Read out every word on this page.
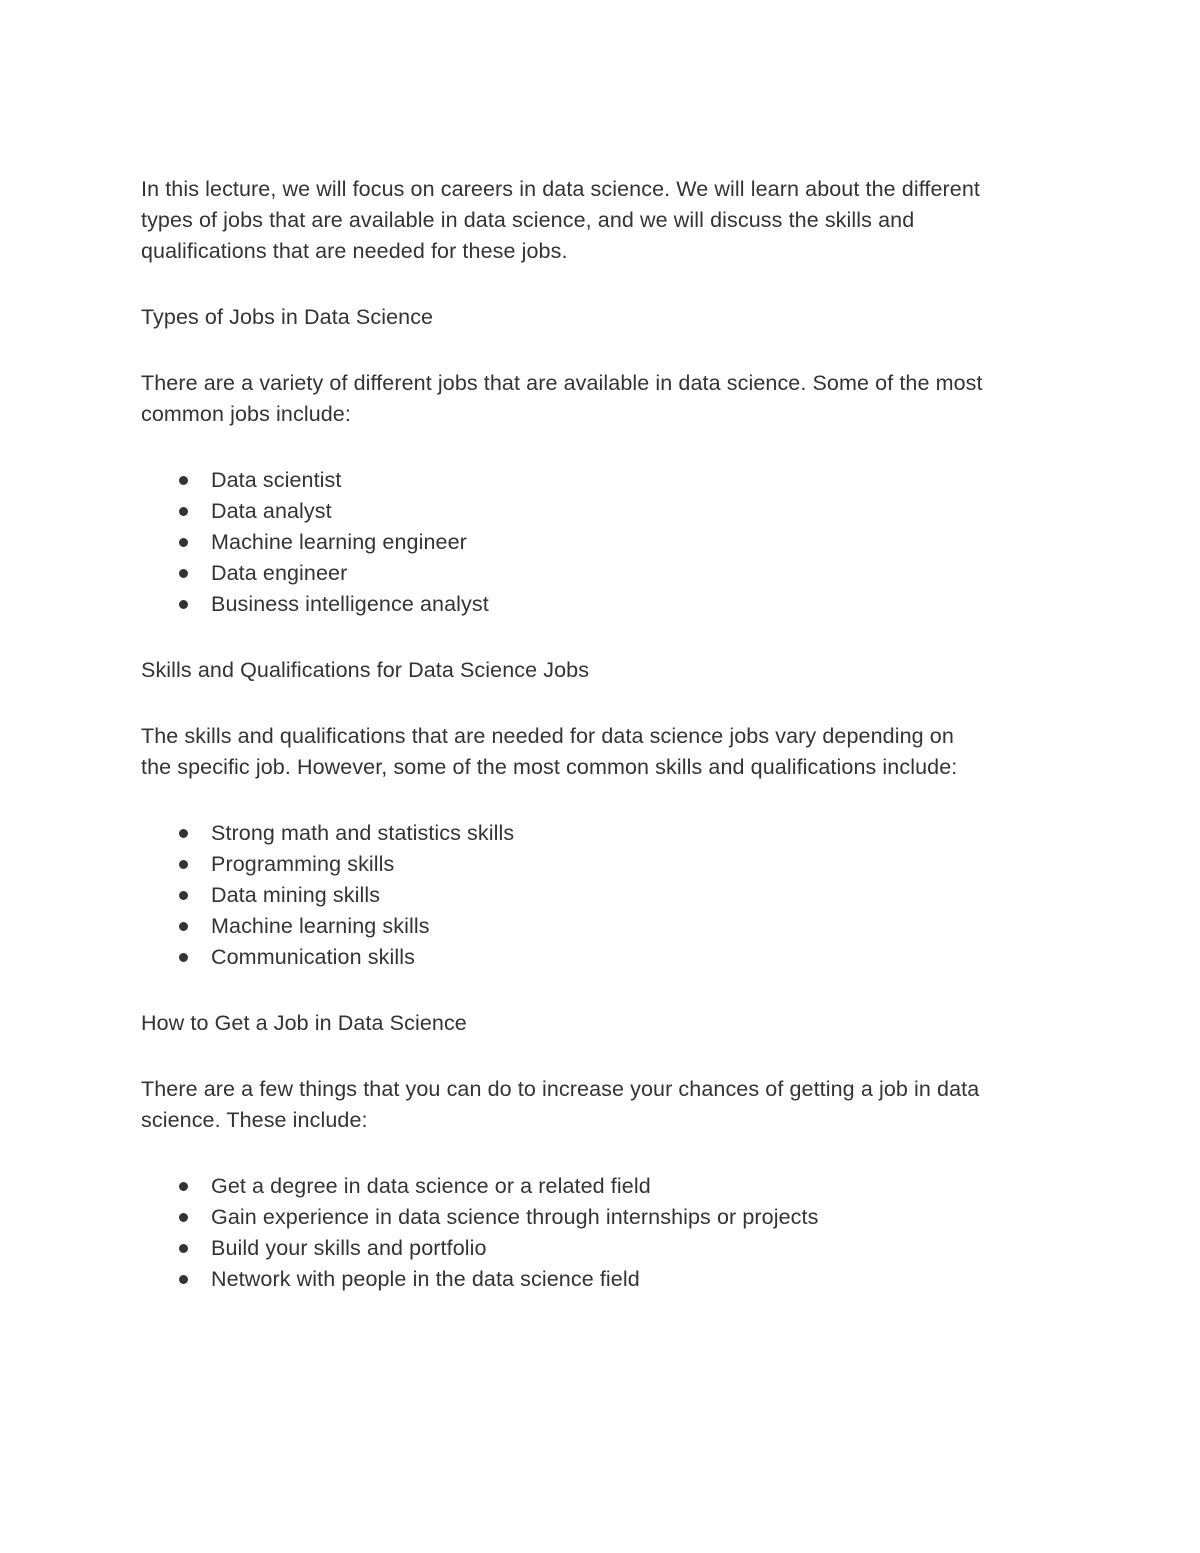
In this lecture, we will focus on careers in data science. We will learn about the different
types of jobs that are available in data science, and we will discuss the skills and
qualifications that are needed for these jobs.

Types of Jobs in Data Science

There are a variety of different jobs that are available in data science. Some of the most
common jobs include:

Data scientist
Data analyst
Machine learning engineer
Data engineer
Business intelligence analyst

Skills and Qualifications for Data Science Jobs

The skills and qualifications that are needed for data science jobs vary depending on
the specific job. However, some of the most common skills and qualifications include:

Strong math and statistics skills
Programming skills
Data mining skills
Machine learning skills
Communication skills

How to Get a Job in Data Science

There are a few things that you can do to increase your chances of getting a job in data
science. These include:

Get a degree in data science or a related field
Gain experience in data science through internships or projects
Build your skills and portfolio
Network with people in the data science field
